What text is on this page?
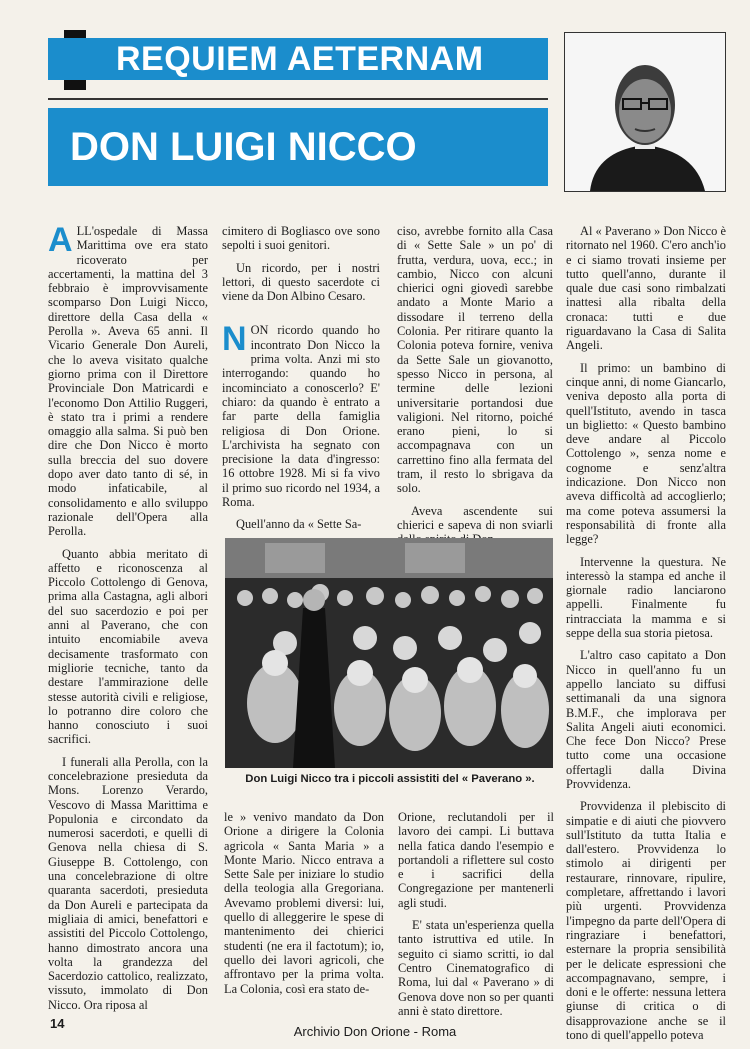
REQUIEM AETERNAM
DON LUIGI NICCO

ALL'ospedale di Massa Marittima ove era stato ricoverato per accertamenti, la mattina del 3 febbraio è improvvisamente scomparso Don Luigi Nicco, direttore della Casa della « Perolla ». Aveva 65 anni. Il Vicario Generale Don Aureli, che lo aveva visitato qualche giorno prima con il Direttore Provinciale Don Matricardi e l'economo Don Attilio Ruggeri, è stato tra i primi a rendere omaggio alla salma. Si può ben dire che Don Nicco è morto sulla breccia del suo dovere dopo aver dato tanto di sé, in modo infaticabile, al consolidamento e allo sviluppo razionale dell'Opera alla Perolla.

Quanto abbia meritato di affetto e riconoscenza al Piccolo Cottolengo di Genova, prima alla Castagna, agli albori del suo sacerdozio e poi per anni al Paverano, che con intuito encomiabile aveva decisamente trasformato con migliorie tecniche, tanto da destare l'ammirazione delle stesse autorità civili e religiose, lo potranno dire coloro che hanno conosciuto i suoi sacrifici.

I funerali alla Perolla, con la concelebrazione presieduta da Mons. Lorenzo Verardo, Vescovo di Massa Marittima e Populonia e circondato da numerosi sacerdoti, e quelli di Genova nella chiesa di S. Giuseppe B. Cottolengo, con una concelebrazione di oltre quaranta sacerdoti, presieduta da Don Aureli e partecipata da migliaia di amici, benefattori e assistiti del Piccolo Cottolengo, hanno dimostrato ancora una volta la grandezza del Sacerdozio cattolico, realizzato, vissuto, immolato di Don Nicco. Ora riposa al

cimitero di Bogliasco ove sono sepolti i suoi genitori.

Un ricordo, per i nostri lettori, di questo sacerdote ci viene da Don Albino Cesaro.

NON ricordo quando ho incontrato Don Nicco la prima volta. Anzi mi sto interrogando: quando ho incominciato a conoscerlo? E' chiaro: da quando è entrato a far parte della famiglia religiosa di Don Orione. L'archivista ha segnato con precisione la data d'ingresso: 16 ottobre 1928. Mi si fa vivo il primo suo ricordo nel 1934, a Roma.

Quell'anno da « Sette Sa-

ciso, avrebbe fornito alla Casa di « Sette Sale » un po' di frutta, verdura, uova, ecc.; in cambio, Nicco con alcuni chierici ogni giovedì sarebbe andato a Monte Mario a dissodare il terreno della Colonia. Per ritirare quanto la Colonia poteva fornire, veniva da Sette Sale un giovanotto, spesso Nicco in persona, al termine delle lezioni universitarie portandosi due valigioni. Nel ritorno, poiché erano pieni, lo si accompagnava con un carrettino fino alla fermata del tram, il resto lo sbrigava da solo.

Aveva ascendente sui chierici e sapeva di non sviarli

Don Luigi Nicco tra i piccoli assistiti del « Paverano ».

le » venivo mandato da Don Orione a dirigere la Colonia agricola « Santa Maria » a Monte Mario. Nicco entrava a Sette Sale per iniziare lo studio della teologia alla Gregoriana. Avevamo problemi diversi: lui, quello di alleggerire le spese di mantenimento dei chierici studenti (ne era il factotum); io, quello dei lavori agricoli, che affrontavo per la prima volta. La Colonia, così era stato de-

Orione, reclutandoli per il lavoro dei campi. Li buttava nella fatica dando l'esempio e portandoli a riflettere sul costo e i sacrifici della Congregazione per mantenerli agli studi.

E' stata un'esperienza quella tanto istruttiva ed utile. In seguito ci siamo scritti, io dal Centro Cinematografico di Roma, lui dal « Paverano » di Genova dove non so per quanti anni è stato direttore.

Al « Paverano » Don Nicco è ritornato nel 1960. C'ero anch'io e ci siamo trovati insieme per tutto quell'anno, durante il quale due casi sono rimbalzati inattesi alla ribalta della cronaca: tutti e due riguardavano la Casa di Salita Angeli.

Il primo: un bambino di cinque anni, di nome Giancarlo, veniva deposto alla porta di quell'Istituto, avendo in tasca un biglietto: « Questo bambino deve andare al Piccolo Cottolengo », senza nome e cognome e senz'altra indicazione. Don Nicco non aveva difficoltà ad accoglierlo; ma come poteva assumersi la responsabilità di fronte alla legge?

Intervenne la questura. Ne interessò la stampa ed anche il giornale radio lanciarono appelli. Finalmente fu rintracciata la mamma e si seppe della sua storia pietosa.

L'altro caso capitato a Don Nicco in quell'anno fu un appello lanciato su diffusi settimanali da una signora B.M.F., che implorava per Salita Angeli aiuti economici. Che fece Don Nicco? Prese tutto come una occasione offertagli dalla Divina Provvidenza.

Provvidenza il plebiscito di simpatie e di aiuti che piovvero sull'Istituto da tutta Italia e dall'estero. Provvidenza lo stimolo ai dirigenti per restaurare, rinnovare, ripulire, completare, affrettando i lavori più urgenti. Provvidenza l'impegno da parte dell'Opera di ringraziare i benefattori, esternare la propria sensibilità per le delicate espressioni che accompagnavano, sempre, i doni e le offerte: nessuna lettera giunse di critica o di disapprovazione anche se il tono di quell'appello poteva

14
Archivio Don Orione - Roma
